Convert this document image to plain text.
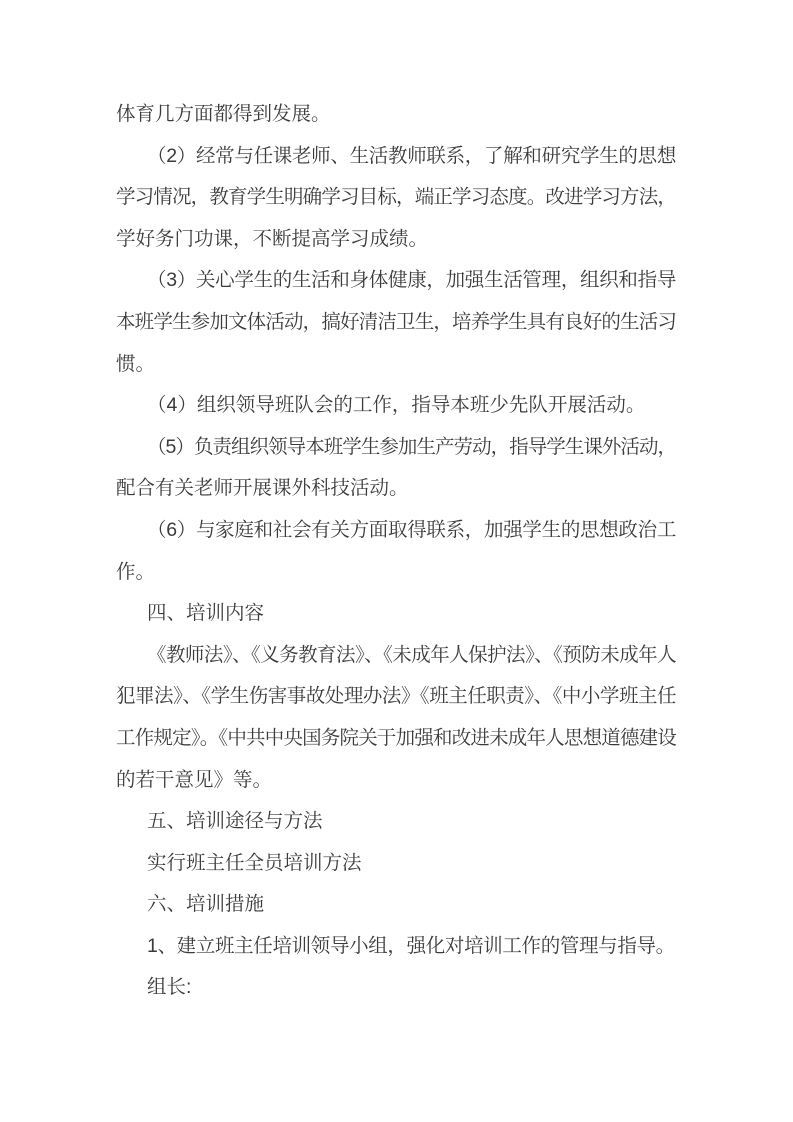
体育几方面都得到发展。
（2）经常与任课老师、生活教师联系，了解和研究学生的思想
学习情况，教育学生明确学习目标，端正学习态度。改进学习方法，
学好务门功课，不断提高学习成绩。
（3）关心学生的生活和身体健康，加强生活管理，组织和指导
本班学生参加文体活动，搞好清洁卫生，培养学生具有良好的生活习
惯。
（4）组织领导班队会的工作，指导本班少先队开展活动。
（5）负责组织领导本班学生参加生产劳动，指导学生课外活动，
配合有关老师开展课外科技活动。
（6）与家庭和社会有关方面取得联系，加强学生的思想政治工
作。
四、培训内容
《教师法》、《义务教育法》、《未成年人保护法》、《预防未成年人
犯罪法》、《学生伤害事故处理办法》《班主任职责》、《中小学班主任
工作规定》。《中共中央国务院关于加强和改进未成年人思想道德建设
的若干意见》等。
五、培训途径与方法
实行班主任全员培训方法
六、培训措施
1、建立班主任培训领导小组，强化对培训工作的管理与指导。
组长:
